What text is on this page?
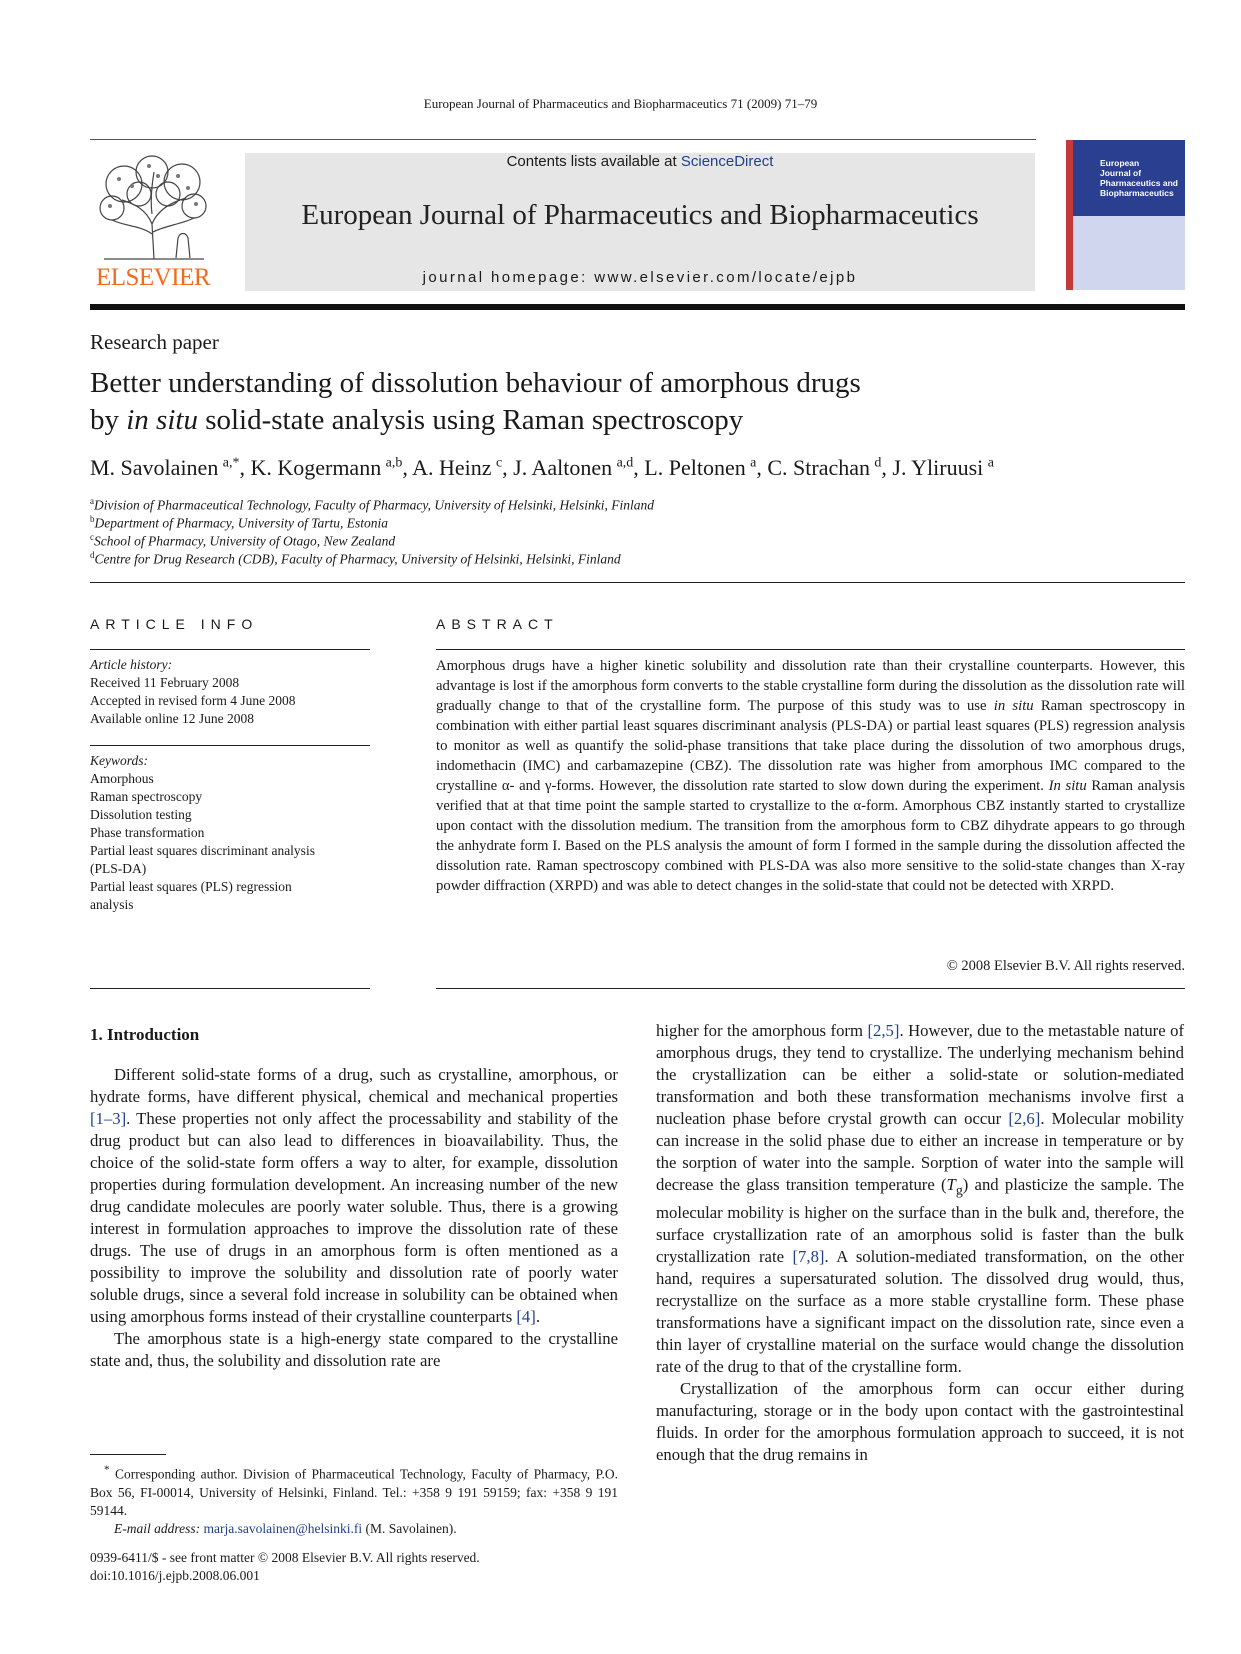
European Journal of Pharmaceutics and Biopharmaceutics 71 (2009) 71–79
ELSEVIER
Contents lists available at ScienceDirect
European Journal of Pharmaceutics and Biopharmaceutics
journal homepage: www.elsevier.com/locate/ejpb
European
Journal of
Pharmaceutics and
Biopharmaceutics
Research paper
Better understanding of dissolution behaviour of amorphous drugs
by in situ solid-state analysis using Raman spectroscopy
M. Savolainen  $^{a,*}$, K. Kogermann  $^{a,b}$, A. Heinz  $^c$, J. Aaltonen  $^{a,d}$, L. Peltonen  $^a$, C. Strachan  $^d$, J. Yliruusi  $^a$
$^a$Division of Pharmaceutical Technology, Faculty of Pharmacy, University of Helsinki, Helsinki, Finland
$^b$Department of Pharmacy, University of Tartu, Estonia
$^c$School of Pharmacy, University of Otago, New Zealand
$^d$Centre for Drug Research (CDB), Faculty of Pharmacy, University of Helsinki, Helsinki, Finland
ARTICLE INFO
Article history:
Received 11 February 2008
Accepted in revised form 4 June 2008
Available online 12 June 2008
Keywords:
Amorphous
Raman spectroscopy
Dissolution testing
Phase transformation
Partial least squares discriminant analysis
(PLS-DA)
Partial least squares (PLS) regression
analysis
ABSTRACT
Amorphous drugs have a higher kinetic solubility and dissolution rate than their crystalline counterparts. However, this advantage is lost if the amorphous form converts to the stable crystalline form during the dissolution as the dissolution rate will gradually change to that of the crystalline form. The purpose of this study was to use in situ Raman spectroscopy in combination with either partial least squares discriminant analysis (PLS-DA) or partial least squares (PLS) regression analysis to monitor as well as quantify the solid-phase transitions that take place during the dissolution of two amorphous drugs, indomethacin (IMC) and carbamazepine (CBZ). The dissolution rate was higher from amorphous IMC compared to the crystalline α- and γ-forms. However, the dissolution rate started to slow down during the experiment. In situ Raman analysis verified that at that time point the sample started to crystallize to the α-form. Amorphous CBZ instantly started to crystallize upon contact with the dissolution medium. The transition from the amorphous form to CBZ dihydrate appears to go through the anhydrate form I. Based on the PLS analysis the amount of form I formed in the sample during the dissolution affected the dissolution rate. Raman spectroscopy combined with PLS-DA was also more sensitive to the solid-state changes than X-ray powder diffraction (XRPD) and was able to detect changes in the solid-state that could not be detected with XRPD.
© 2008 Elsevier B.V. All rights reserved.
1. Introduction

Different solid-state forms of a drug, such as crystalline, amorphous, or hydrate forms, have different physical, chemical and mechanical properties [1–3]. These properties not only affect the processability and stability of the drug product but can also lead to differences in bioavailability. Thus, the choice of the solid-state form offers a way to alter, for example, dissolution properties during formulation development. An increasing number of the new drug candidate molecules are poorly water soluble. Thus, there is a growing interest in formulation approaches to improve the dissolution rate of these drugs. The use of drugs in an amorphous form is often mentioned as a possibility to improve the solubility and dissolution rate of poorly water soluble drugs, since a several fold increase in solubility can be obtained when using amorphous forms instead of their crystalline counterparts [4].

The amorphous state is a high-energy state compared to the crystalline state and, thus, the solubility and dissolution rate are

higher for the amorphous form [2,5]. However, due to the metastable nature of amorphous drugs, they tend to crystallize. The underlying mechanism behind the crystallization can be either a solid-state or solution-mediated transformation and both these transformation mechanisms involve first a nucleation phase before crystal growth can occur [2,6]. Molecular mobility can increase in the solid phase due to either an increase in temperature or by the sorption of water into the sample. Sorption of water into the sample will decrease the glass transition temperature $(T_g)$ and plasticize the sample. The molecular mobility is higher on the surface than in the bulk and, therefore, the surface crystallization rate of an amorphous solid is faster than the bulk crystallization rate [7,8]. A solution-mediated transformation, on the other hand, requires a supersaturated solution. The dissolved drug would, thus, recrystallize on the surface as a more stable crystalline form. These phase transformations have a significant impact on the dissolution rate, since even a thin layer of crystalline material on the surface would change the dissolution rate of the drug to that of the crystalline form.

Crystallization of the amorphous form can occur either during manufacturing, storage or in the body upon contact with the gastrointestinal fluids. In order for the amorphous formulation approach to succeed, it is not enough that the drug remains in

* Corresponding author. Division of Pharmaceutical Technology, Faculty of Pharmacy, P.O. Box 56, FI-00014, University of Helsinki, Finland. Tel.: +358 9 191 59159; fax: +358 9 191 59144.
E-mail address: marja.savolainen@helsinki.fi (M. Savolainen).
0939-6411/$ - see front matter © 2008 Elsevier B.V. All rights reserved.
doi:10.1016/j.ejpb.2008.06.001
